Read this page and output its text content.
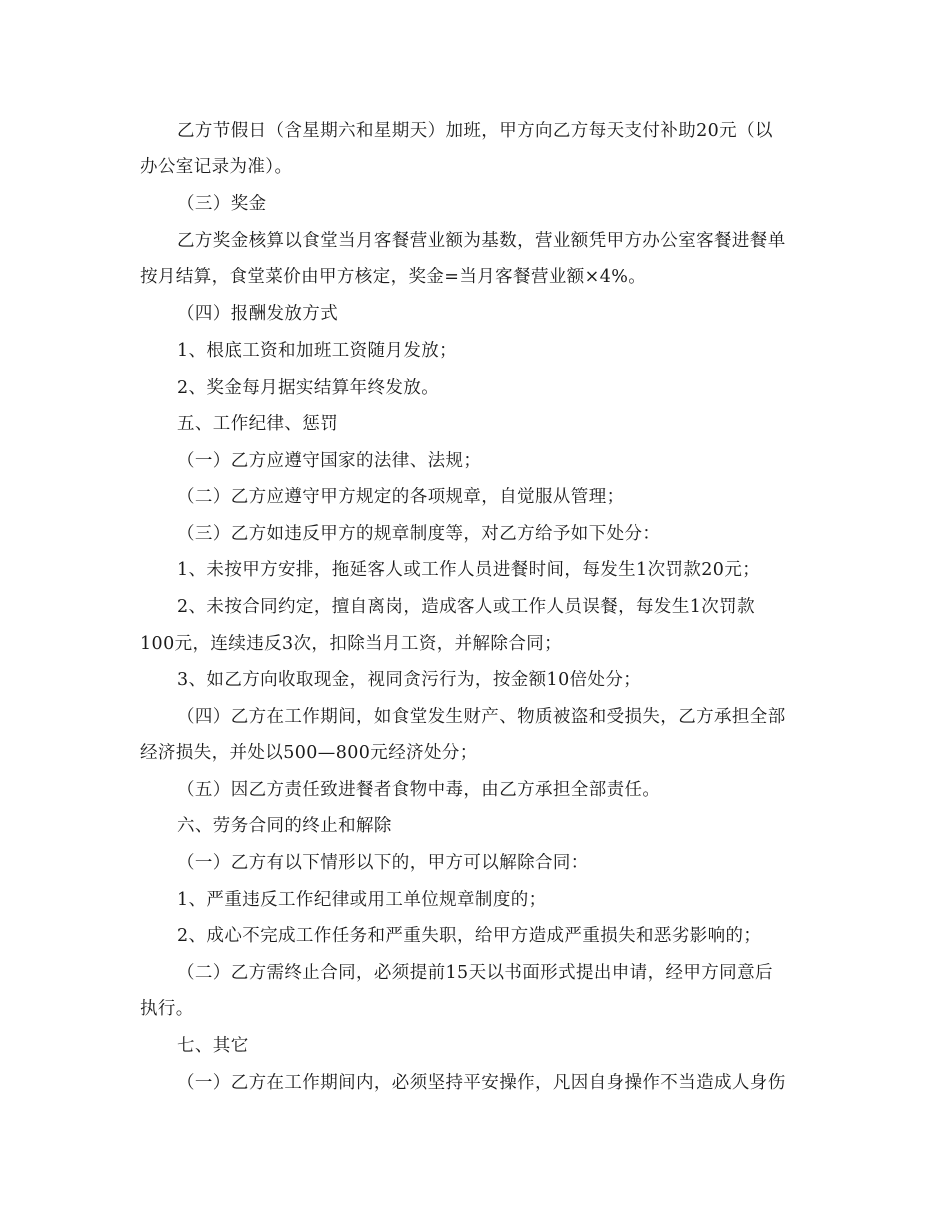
乙方节假日（含星期六和星期天）加班，甲方向乙方每天支付补助20元（以
办公室记录为准）。
（三）奖金
乙方奖金核算以食堂当月客餐营业额为基数，营业额凭甲方办公室客餐进餐单
按月结算，食堂菜价由甲方核定，奖金=当月客餐营业额×4%。
（四）报酬发放方式
1、根底工资和加班工资随月发放；
2、奖金每月据实结算年终发放。
五、工作纪律、惩罚
（一）乙方应遵守国家的法律、法规；
（二）乙方应遵守甲方规定的各项规章，自觉服从管理；
（三）乙方如违反甲方的规章制度等，对乙方给予如下处分：
1、未按甲方安排，拖延客人或工作人员进餐时间，每发生1次罚款20元；
2、未按合同约定，擅自离岗，造成客人或工作人员误餐，每发生1次罚款
100元，连续违反3次，扣除当月工资，并解除合同；
3、如乙方向收取现金，视同贪污行为，按金额10倍处分；
（四）乙方在工作期间，如食堂发生财产、物质被盗和受损失，乙方承担全部
经济损失，并处以500—800元经济处分；
（五）因乙方责任致进餐者食物中毒，由乙方承担全部责任。
六、劳务合同的终止和解除
（一）乙方有以下情形以下的，甲方可以解除合同：
1、严重违反工作纪律或用工单位规章制度的；
2、成心不完成工作任务和严重失职，给甲方造成严重损失和恶劣影响的；
（二）乙方需终止合同，必须提前15天以书面形式提出申请，经甲方同意后
执行。
七、其它
（一）乙方在工作期间内，必须坚持平安操作，凡因自身操作不当造成人身伤
